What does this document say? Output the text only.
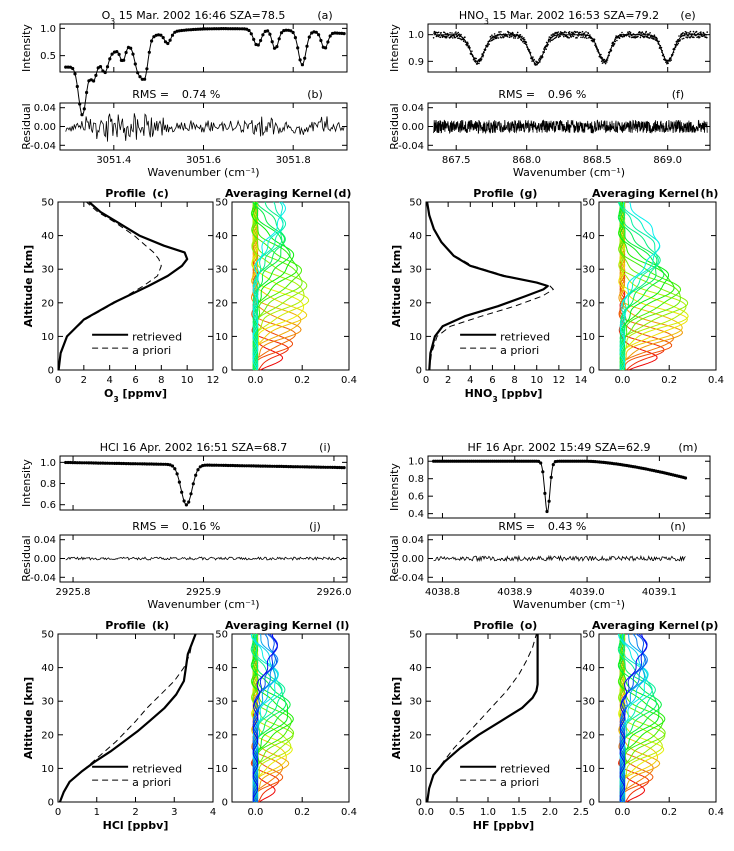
0.5
1.0
$O_3$ 15 Mar. 2002 16:46 SZA=78.5	(a)
Intensity
3051.4	3051.6	3051.8
-0.04
0.00
0.04
RMS = 0.74 %	(b)
Residual
Wavenumber (cm⁻¹)
0 2 4 6 8 10 12
0
10
20
30
40
50
Profile (c)
Altitude [km]
$O_3$ [ppmv]
retrieved
a priori
0.0	0.2	0.4
0
10
20
30
40
50
Averaging Kernel (d)
0.9
1.0
$HNO_3$ 15 Mar. 2002 16:53 SZA=79.2 (e)
Intensity
867.5	868.0	868.5	869.0
-0.04
0.00
0.04
RMS = 0.96 %	(f)
Residual
Wavenumber (cm⁻¹)
0 2 4 6 8 10 12 14
0
10
20
30
40
50
Profile (g)
Altitude [km]
$HNO_3$ [ppbv]
retrieved
a priori
0.0	0.2	0.4
0
10
20
30
40
50
Averaging Kernel (h)
0.6
0.8
1.0
HCl 16 Apr. 2002 16:51 SZA=68.7	(i)
Intensity
2925.8	2925.9	2926.0
-0.04
0.00
0.04
RMS = 0.16 %	(j)
Residual
Wavenumber (cm⁻¹)
0	1	2	3	4
0
10
20
30
40
50
Profile (k)
Altitude [km]
HCl [ppbv]
retrieved
a priori
0.0	0.2	0.4
0
10
20
30
40
50
Averaging Kernel (l)
0.4
0.6
0.8
1.0
HF 16 Apr. 2002 15:49 SZA=62.9	(m)
Intensity
4038.8	4038.9	4039.0	4039.1
-0.04
0.00
0.04
RMS = 0.43 %	(n)
Residual
Wavenumber (cm⁻¹)
0.0 0.5 1.0 1.5 2.0 2.5
0
10
20
30
40
50
Profile (o)
Altitude [km]
HF [ppbv]
retrieved
a priori
0.0	0.2	0.4
0
10
20
30
40
50
Averaging Kernel (p)
